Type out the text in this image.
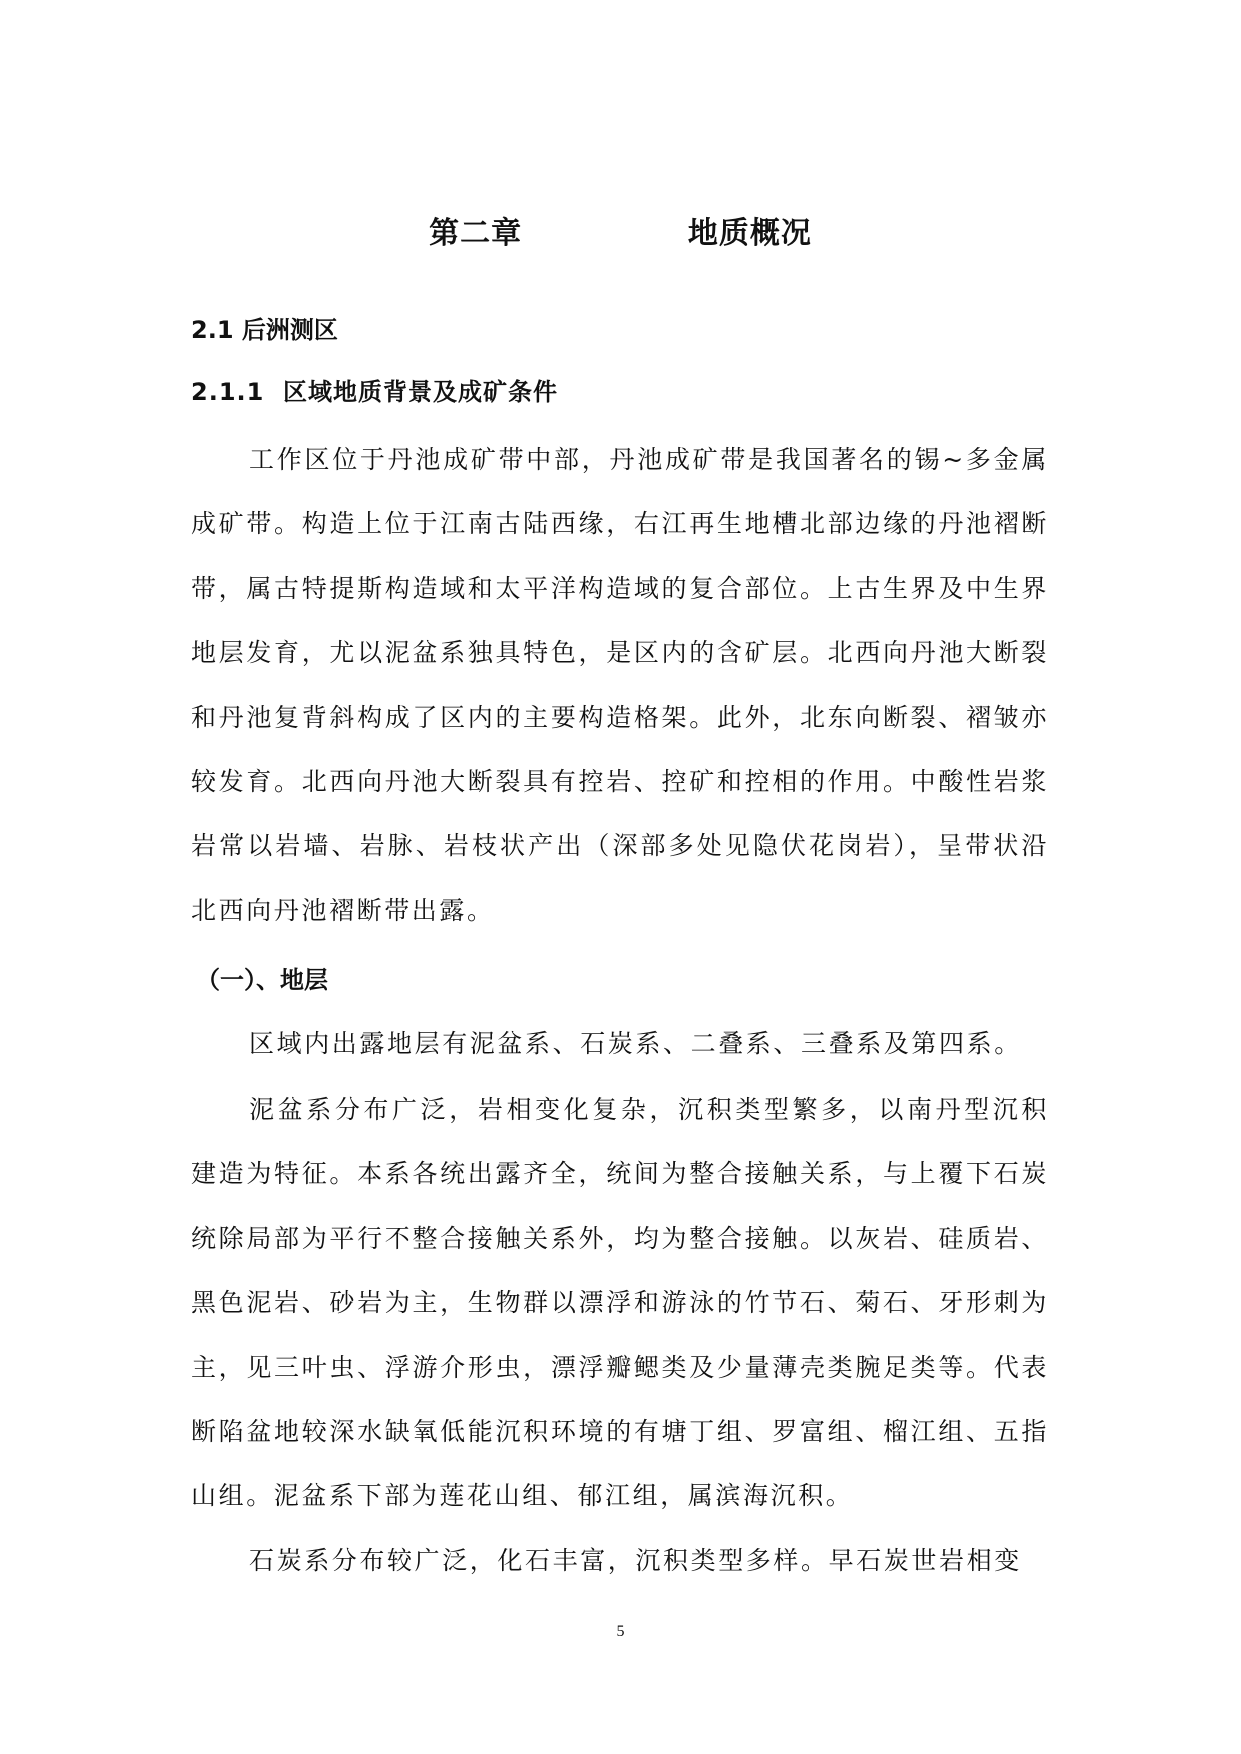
第二章    地质概况
2.1 后洲测区
2.1.1  区域地质背景及成矿条件

工作区位于丹池成矿带中部，丹池成矿带是我国著名的锡~多金属成矿带。构造上位于江南古陆西缘，右江再生地槽北部边缘的丹池褶断带，属古特提斯构造域和太平洋构造域的复合部位。上古生界及中生界地层发育，尤以泥盆系独具特色，是区内的含矿层。北西向丹池大断裂和丹池复背斜构成了区内的主要构造格架。此外，北东向断裂、褶皱亦较发育。北西向丹池大断裂具有控岩、控矿和控相的作用。中酸性岩浆岩常以岩墙、岩脉、岩枝状产出（深部多处见隐伏花岗岩），呈带状沿北西向丹池褶断带出露。

（一）、地层

区域内出露地层有泥盆系、石炭系、二叠系、三叠系及第四系。

泥盆系分布广泛，岩相变化复杂，沉积类型繁多，以南丹型沉积建造为特征。本系各统出露齐全，统间为整合接触关系，与上覆下石炭统除局部为平行不整合接触关系外，均为整合接触。以灰岩、硅质岩、黑色泥岩、砂岩为主，生物群以漂浮和游泳的竹节石、菊石、牙形刺为主，见三叶虫、浮游介形虫，漂浮瓣鳃类及少量薄壳类腕足类等。代表断陷盆地较深水缺氧低能沉积环境的有塘丁组、罗富组、榴江组、五指山组。泥盆系下部为莲花山组、郁江组，属滨海沉积。

石炭系分布较广泛，化石丰富，沉积类型多样。早石炭世岩相变

5
